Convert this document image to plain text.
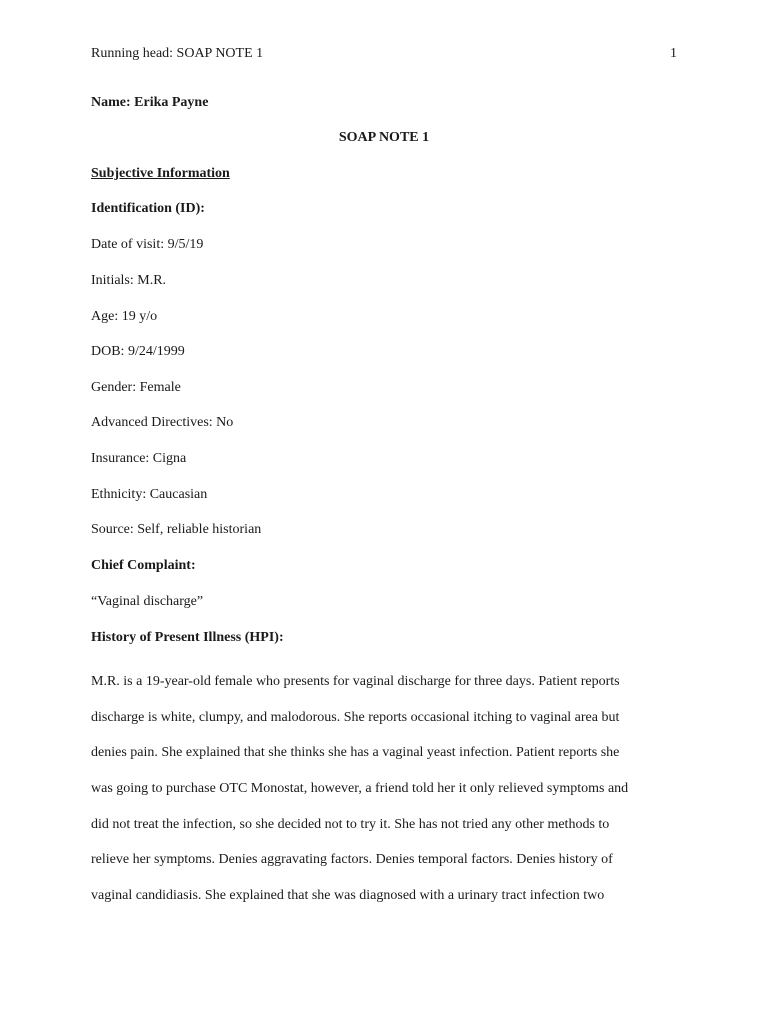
Running head: SOAP NOTE 1	1
Name: Erika Payne
SOAP NOTE 1
Subjective Information
Identification (ID):
Date of visit: 9/5/19
Initials: M.R.
Age: 19 y/o
DOB: 9/24/1999
Gender: Female
Advanced Directives: No
Insurance: Cigna
Ethnicity: Caucasian
Source: Self, reliable historian
Chief Complaint:
“Vaginal discharge”
History of Present Illness (HPI):
M.R. is a 19-year-old female who presents for vaginal discharge for three days. Patient reports
discharge is white, clumpy, and malodorous. She reports occasional itching to vaginal area but
denies pain. She explained that she thinks she has a vaginal yeast infection. Patient reports she
was going to purchase OTC Monostat, however, a friend told her it only relieved symptoms and
did not treat the infection, so she decided not to try it. She has not tried any other methods to
relieve her symptoms. Denies aggravating factors. Denies temporal factors. Denies history of
vaginal candidiasis. She explained that she was diagnosed with a urinary tract infection two
